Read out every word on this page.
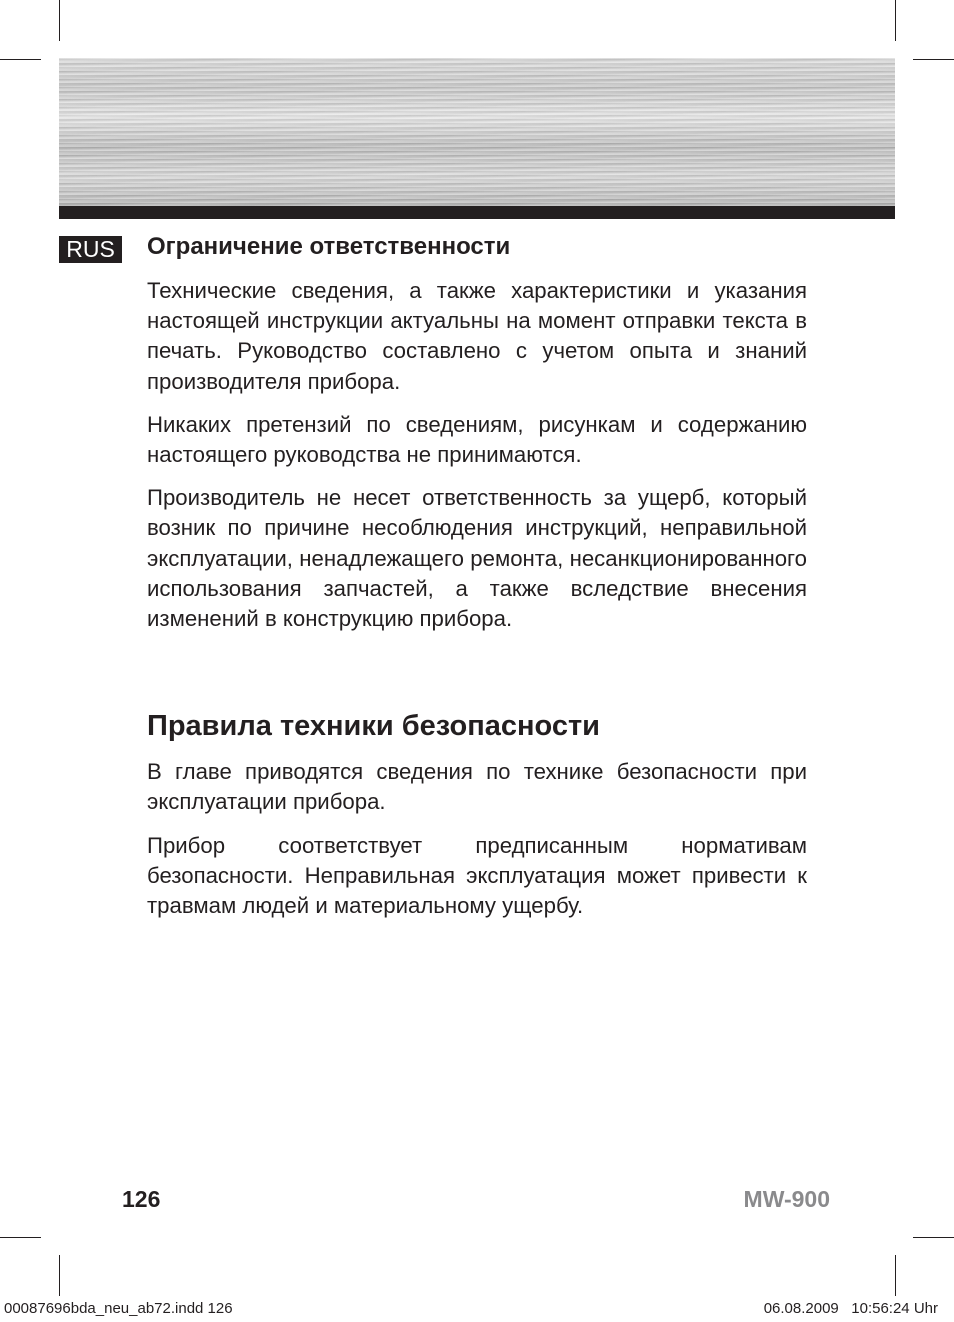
RUS	Ограничение ответственности

Технические сведения, а также характеристики и указания настоящей инструкции актуальны на момент отправки текста в печать. Руководство составлено с учетом опыта и знаний производителя прибора.

Никаких претензий по сведениям, рисункам и содержанию настоящего руководства не принимаются.

Производитель не несет ответственность за ущерб, который возник по причине несоблюдения инструкций, неправильной эксплуатации, ненадлежащего ремонта, несанкционированного использования запчастей, а также вследствие внесения изменений в конструкцию прибора.

Правила техники безопасности

В главе приводятся сведения по технике безопасности при эксплуатации прибора.

Прибор соответствует предписанным нормативам безопасности. Неправильная эксплуатация может привести к травмам людей и материальному ущербу.

126	MW-900
00087696bda_neu_ab72.indd 126	06.08.2009   10:56:24 Uhr
